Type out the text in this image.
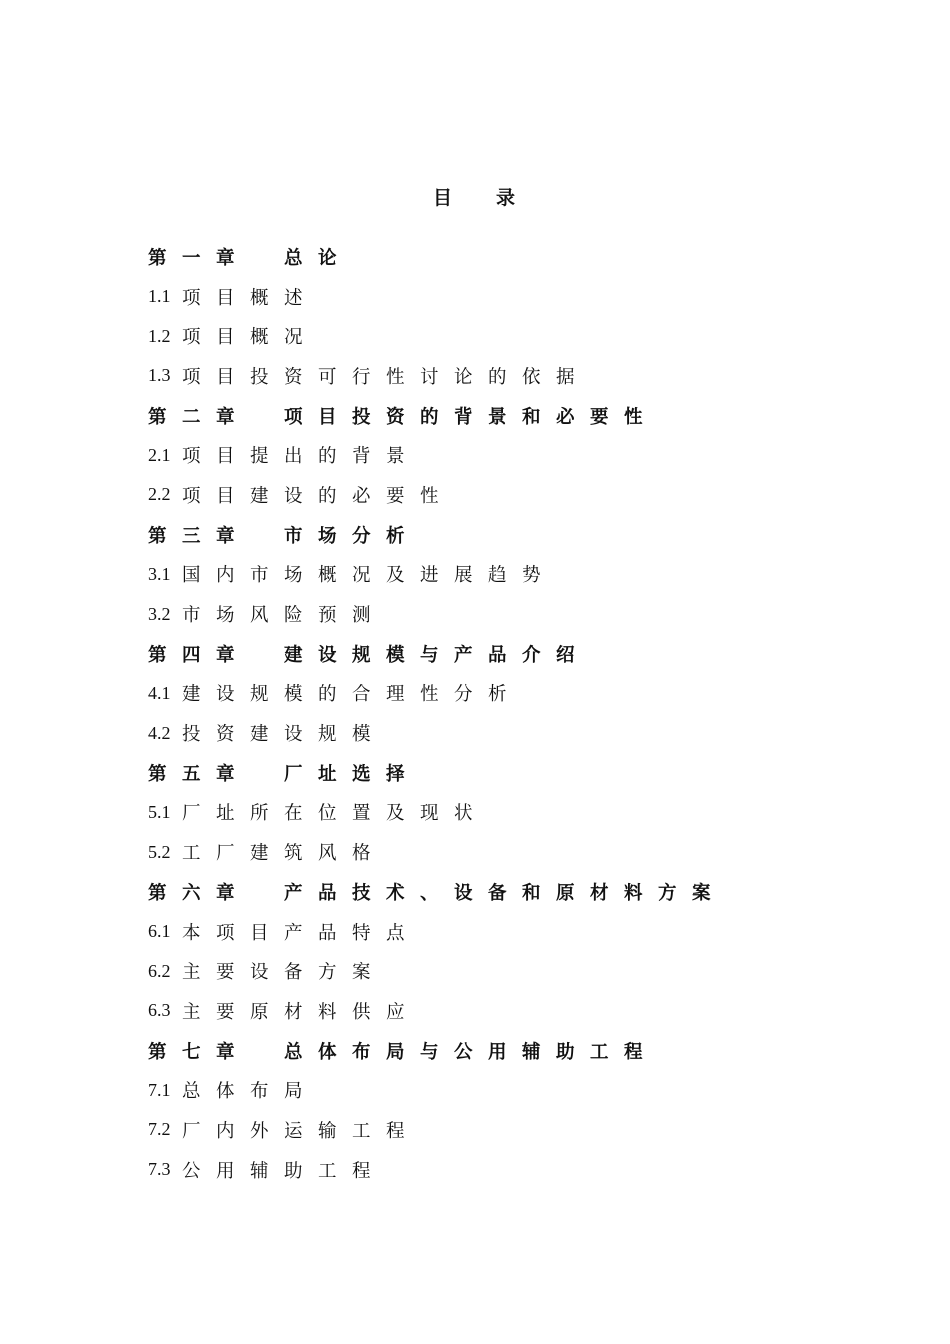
目 录
第一章	总论
1.1 项目概述
1.2 项目概况
1.3 项目投资可行性讨论的依据
第二章	项目投资的背景和必要性
2.1 项目提出的背景
2.2 项目建设的必要性
第三章	市场分析
3.1 国内市场概况及进展趋势
3.2 市场风险预测
第四章	建设规模与产品介绍
4.1 建设规模的合理性分析
4.2 投资建设规模
第五章	厂址选择
5.1 厂址所在位置及现状
5.2 工厂建筑风格
第六章	产品技术、设备和原材料方案
6.1 本项目产品特点
6.2 主要设备方案
6.3 主要原材料供应
第七章	总体布局与公用辅助工程
7.1 总体布局
7.2 厂内外运输工程
7.3 公用辅助工程
